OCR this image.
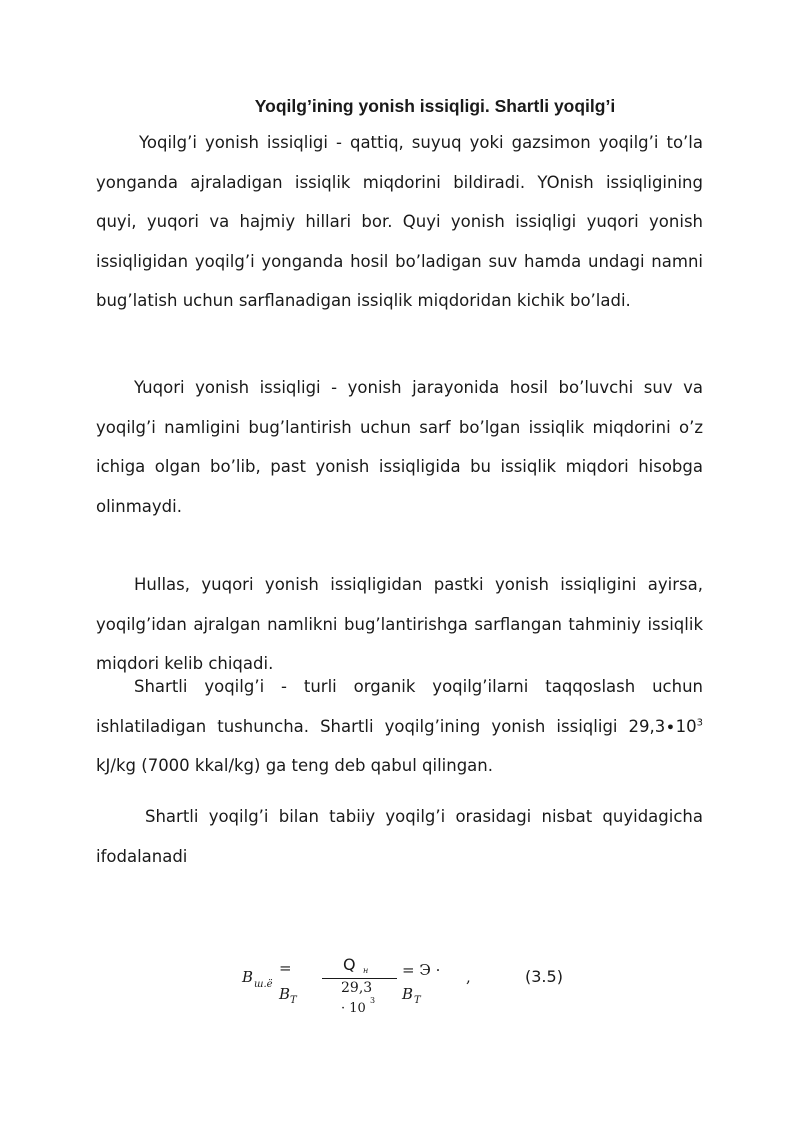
Yoqilg’ining yonish issiqligi. Shartli yoqilg’i
Yoqilg’i yonish issiqligi - qattiq, suyuq yoki gazsimon yoqilg’i to’la yonganda ajraladigan issiqlik miqdorini bildiradi. YOnish issiqligining quyi, yuqori va hajmiy hillari bor. Quyi yonish issiqligi yuqori yonish issiqligidan yoqilg’i yonganda hosil bo’ladigan suv hamda undagi namni bug’latish uchun sarflanadigan issiqlik miqdoridan kichik bo’ladi.
Yuqori yonish issiqligi - yonish jarayonida hosil bo’luvchi suv va yoqilg’i namligini bug’lantirish uchun sarf bo’lgan issiqlik miqdorini o’z ichiga olgan bo’lib, past yonish issiqligida bu issiqlik miqdori hisobga olinmaydi.
Hullas, yuqori yonish issiqligidan pastki yonish issiqligini ayirsa, yoqilg’idan ajralgan namlikni bug’lantirishga sarflangan tahminiy issiqlik miqdori kelib chiqadi.
Shartli yoqilg’i - turli organik yoqilg’ilarni taqqoslash uchun ishlatiladigan tushuncha. Shartli yoqilg’ining yonish issiqligi $29,3\cdot 10^3$ kJ/kg (7000 kkal/kg) ga teng deb qabul qilingan.
Shartli yoqilg’i bilan tabiiy yoqilg’i orasidagi nisbat quyidagicha ifodalanadi
B ш.ё
=
B T
Q н
29,3
· 10
3
= Э ·
B T
,	(3.5)
